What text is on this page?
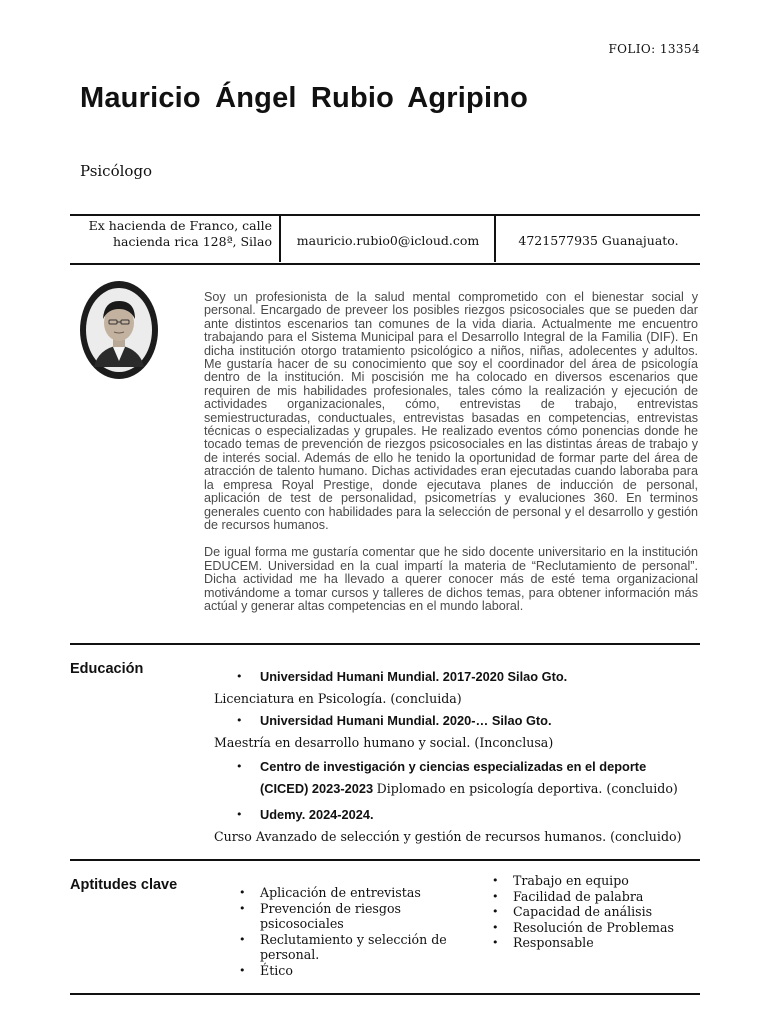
FOLIO: 13354
Mauricio Ángel Rubio Agripino
Psicólogo
Ex hacienda de Franco, calle
hacienda rica 128ª, Silao	mauricio.rubio0@icloud.com	4721577935 Guanajuato.

Soy un profesionista de la salud mental comprometido con el bienestar social y personal. Encargado de preveer los posibles riezgos psicosociales que se pueden dar ante distintos escenarios tan comunes de la vida diaria. Actualmente me encuentro trabajando para el Sistema Municipal para el Desarrollo Integral de la Familia (DIF). En dicha institución otorgo tratamiento psicológico a niños, niñas, adolecentes y adultos. Me gustaría hacer de su conocimiento que soy el coordinador del área de psicología dentro de la institución. Mi poscisión me ha colocado en diversos escenarios que requiren de mis habilidades profesionales, tales cómo la realización y ejecución de actividades organizacionales, cómo, entrevistas de trabajo, entrevistas semiestructuradas, conductuales, entrevistas basadas en competencias, entrevistas técnicas o especializadas y grupales. He realizado eventos cómo ponencias donde he tocado temas de prevención de riezgos psicosociales en las distintas áreas de trabajo y de interés social. Además de ello he tenido la oportunidad de formar parte del área de atracción de talento humano. Dichas actividades eran ejecutadas cuando laboraba para la empresa Royal Prestige, donde ejecutava planes de inducción de personal, aplicación de test de personalidad, psicometrías y evaluciones 360. En terminos generales cuento con habilidades para la selección de personal y el desarrollo y gestión de recursos humanos.

De igual forma me gustaría comentar que he sido docente universitario en la institución EDUCEM. Universidad en la cual impartí la materia de “Reclutamiento de personal”. Dicha actividad me ha llevado a querer conocer más de esté tema organizacional motivándome a tomar cursos y talleres de dichos temas, para obtener información más actúal y generar altas competencias en el mundo laboral.

Educación	• Universidad Humani Mundial. 2017-2020 Silao Gto.
Licenciatura en Psicología. (concluida)
• Universidad Humani Mundial. 2020-… Silao Gto.
Maestría en desarrollo humano y social. (Inconclusa)
• Centro de investigación y ciencias especializadas en el deporte
(CICED) 2023-2023 Diplomado en psicología deportiva. (concluido)
• Udemy. 2024-2024.
Curso Avanzado de selección y gestión de recursos humanos. (concluido)
Aptitudes clave	• Aplicación de entrevistas
• Prevención de riesgos psicosociales
• Reclutamiento y selección de personal.
• Ético
• Trabajo en equipo
• Facilidad de palabra
• Capacidad de análisis
• Resolución de Problemas
• Responsable
